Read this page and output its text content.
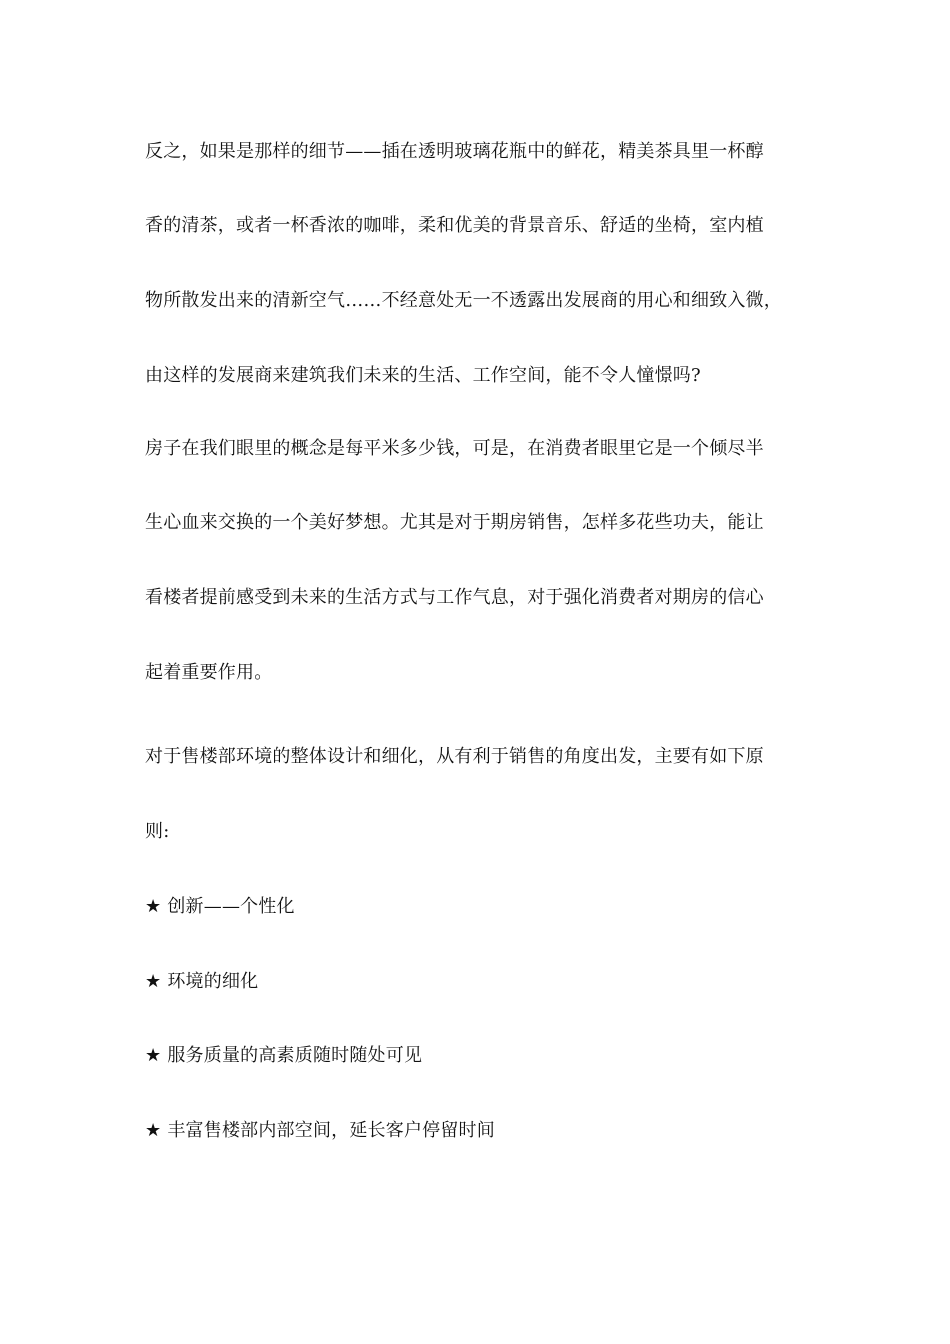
反之，如果是那样的细节——插在透明玻璃花瓶中的鲜花，精美茶具里一杯醇
香的清茶，或者一杯香浓的咖啡，柔和优美的背景音乐、舒适的坐椅，室内植
物所散发出来的清新空气……不经意处无一不透露出发展商的用心和细致入微，
由这样的发展商来建筑我们未来的生活、工作空间，能不令人憧憬吗?
房子在我们眼里的概念是每平米多少钱，可是，在消费者眼里它是一个倾尽半
生心血来交换的一个美好梦想。尤其是对于期房销售，怎样多花些功夫，能让
看楼者提前感受到未来的生活方式与工作气息，对于强化消费者对期房的信心
起着重要作用。
对于售楼部环境的整体设计和细化，从有利于销售的角度出发，主要有如下原
则:
★ 创新——个性化
★ 环境的细化
★ 服务质量的高素质随时随处可见
★ 丰富售楼部内部空间，延长客户停留时间
